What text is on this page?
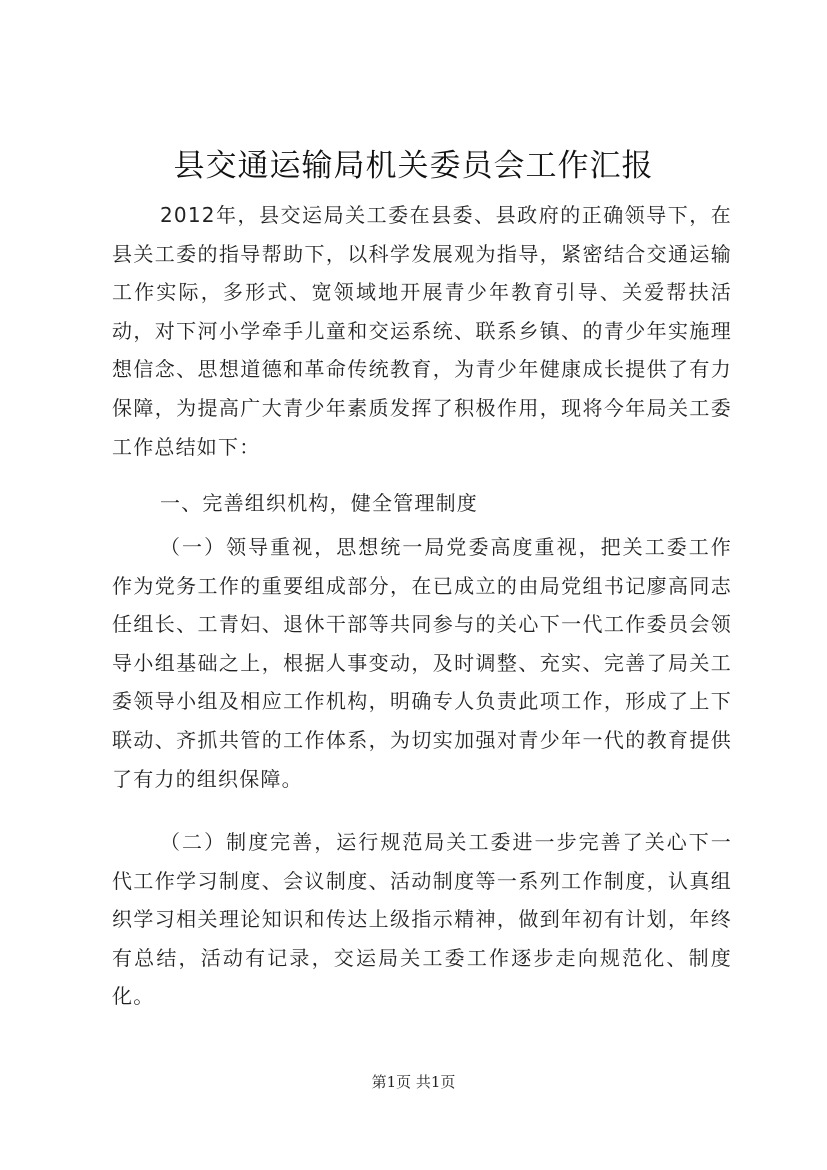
县交通运输局机关委员会工作汇报

2012年，县交运局关工委在县委、县政府的正确领导下，在县关工委的指导帮助下，以科学发展观为指导，紧密结合交通运输工作实际，多形式、宽领域地开展青少年教育引导、关爱帮扶活动，对下河小学牵手儿童和交运系统、联系乡镇、的青少年实施理想信念、思想道德和革命传统教育，为青少年健康成长提供了有力保障，为提高广大青少年素质发挥了积极作用，现将今年局关工委工作总结如下：

一、完善组织机构，健全管理制度

（一）领导重视，思想统一局党委高度重视，把关工委工作作为党务工作的重要组成部分，在已成立的由局党组书记廖高同志任组长、工青妇、退休干部等共同参与的关心下一代工作委员会领导小组基础之上，根据人事变动，及时调整、充实、完善了局关工委领导小组及相应工作机构，明确专人负责此项工作，形成了上下联动、齐抓共管的工作体系，为切实加强对青少年一代的教育提供了有力的组织保障。

（二）制度完善，运行规范局关工委进一步完善了关心下一代工作学习制度、会议制度、活动制度等一系列工作制度，认真组织学习相关理论知识和传达上级指示精神，做到年初有计划，年终有总结，活动有记录，交运局关工委工作逐步走向规范化、制度化。

第1页 共1页
